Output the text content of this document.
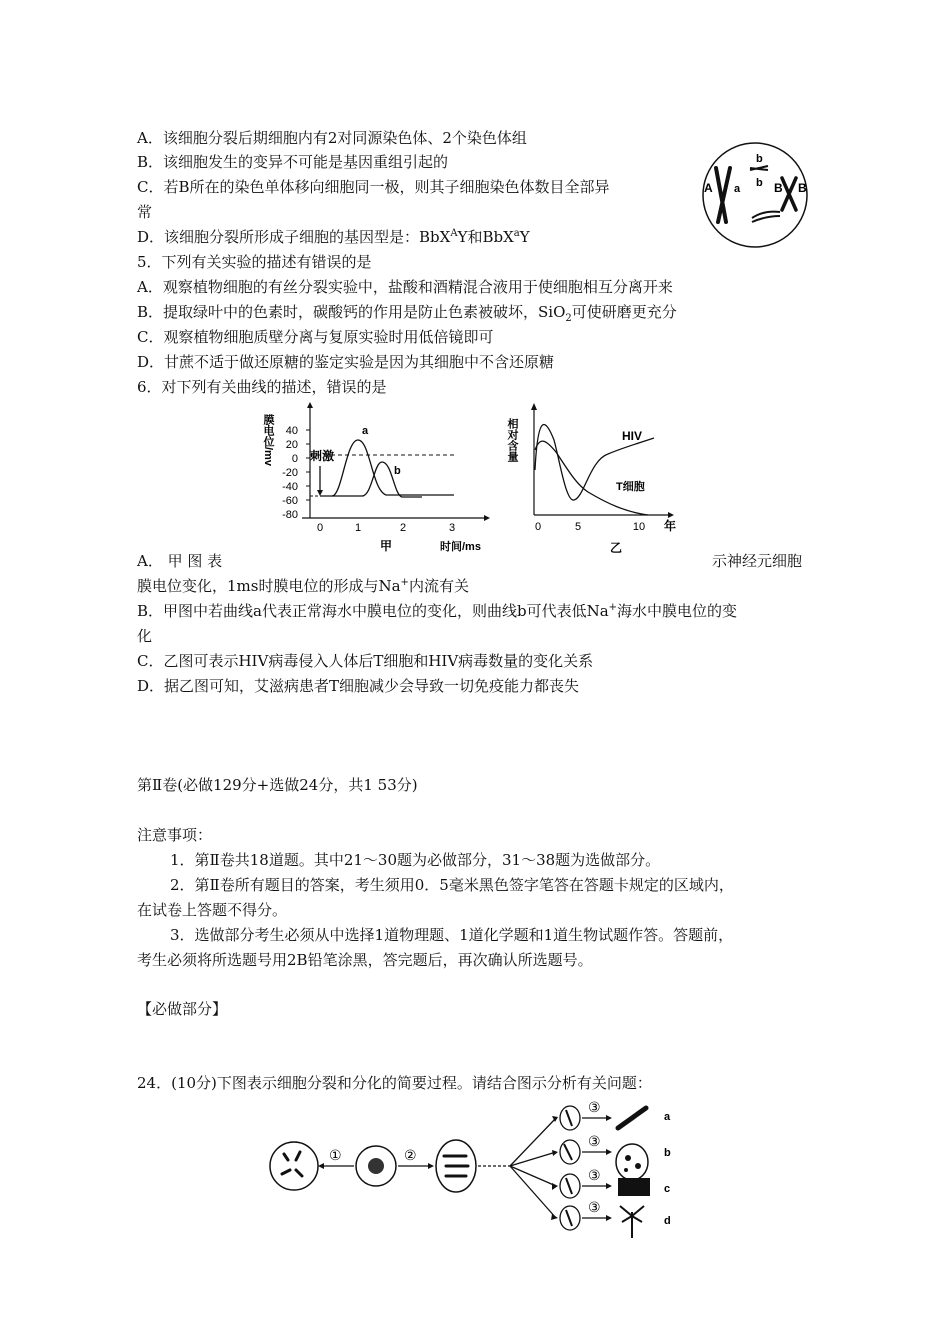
A．该细胞分裂后期细胞内有2对同源染色体、2个染色体组
B．该细胞发生的变异不可能是基因重组引起的
C．若B所在的染色单体移向细胞同一极，则其子细胞染色体数目全部异
常
D．该细胞分裂所形成子细胞的基因型是：BbX$^A$Y和BbX$^a$Y
A a
b
b B B
5．下列有关实验的描述有错误的是
A．观察植物细胞的有丝分裂实验中，盐酸和酒精混合液用于使细胞相互分离开来
B．提取绿叶中的色素时，碳酸钙的作用是防止色素被破坏，SiO$_2$可使研磨更充分
C．观察植物细胞质壁分离与复原实验时用低倍镜即可
D．甘蔗不适于做还原糖的鉴定实验是因为其细胞中不含还原糖
6．对下列有关曲线的描述，错误的是
膜电位/mv 40
20
0
-20
-40
-60
-80
刺激
a
b
0	1	2	3
甲	时间/ms
相对含量	HIV
T细胞
0	5	10 年
乙
A． 甲 图 表	示神经元细胞
膜电位变化，1ms时膜电位的形成与Na+内流有关
B．甲图中若曲线a代表正常海水中膜电位的变化，则曲线b可代表低Na+海水中膜电位的变
化
C．乙图可表示HIV病毒侵入人体后T细胞和HIV病毒数量的变化关系
D．据乙图可知，艾滋病患者T细胞减少会导致一切免疫能力都丧失
第Ⅱ卷(必做129分+选做24分，共1 53分)
注意事项：
1．第Ⅱ卷共18道题。其中21～30题为必做部分，31～38题为选做部分。
2．第Ⅱ卷所有题目的答案，考生须用0．5毫米黑色签字笔答在答题卡规定的区域内，
在试卷上答题不得分。
3．选做部分考生必须从中选择1道物理题、1道化学题和1道生物试题作答。答题前，
考生必须将所选题号用2B铅笔涂黑，答完题后，再次确认所选题号。
【必做部分】
24．(10分)下图表示细胞分裂和分化的简要过程。请结合图示分析有关问题：
①	②
③
③
③
③
a
b
c
d
